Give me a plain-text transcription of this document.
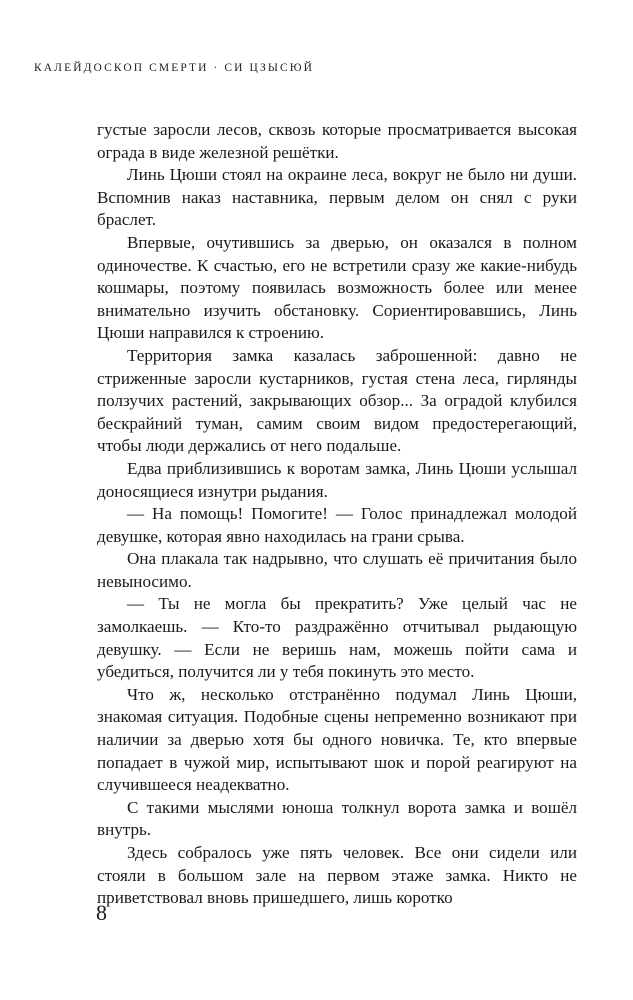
КАЛЕЙДОСКОП СМЕРТИ · СИ ЦЗЫСЮЙ

густые заросли лесов, сквозь которые просматривается высокая ограда в виде железной решётки.

Линь Цюши стоял на окраине леса, вокруг не было ни души. Вспомнив наказ наставника, первым делом он снял с руки браслет.

Впервые, очутившись за дверью, он оказался в полном одиночестве. К счастью, его не встретили сразу же какие-нибудь кошмары, поэтому появилась возможность более или менее внимательно изучить обстановку. Сориентировавшись, Линь Цюши направился к строению.

Территория замка казалась заброшенной: давно не стриженные заросли кустарников, густая стена леса, гирлянды ползучих растений, закрывающих обзор... За оградой клубился бескрайний туман, самим своим видом предостерегающий, чтобы люди держались от него подальше.

Едва приблизившись к воротам замка, Линь Цюши услышал доносящиеся изнутри рыдания.

— На помощь! Помогите! — Голос принадлежал молодой девушке, которая явно находилась на грани срыва.

Она плакала так надрывно, что слушать её причитания было невыносимо.

— Ты не могла бы прекратить? Уже целый час не замолкаешь. — Кто-то раздражённо отчитывал рыдающую девушку. — Если не веришь нам, можешь пойти сама и убедиться, получится ли у тебя покинуть это место.

Что ж, несколько отстранённо подумал Линь Цюши, знакомая ситуация. Подобные сцены непременно возникают при наличии за дверью хотя бы одного новичка. Те, кто впервые попадает в чужой мир, испытывают шок и порой реагируют на случившееся неадекватно.

С такими мыслями юноша толкнул ворота замка и вошёл внутрь.

Здесь собралось уже пять человек. Все они сидели или стояли в большом зале на первом этаже замка. Никто не приветствовал вновь пришедшего, лишь коротко

8
